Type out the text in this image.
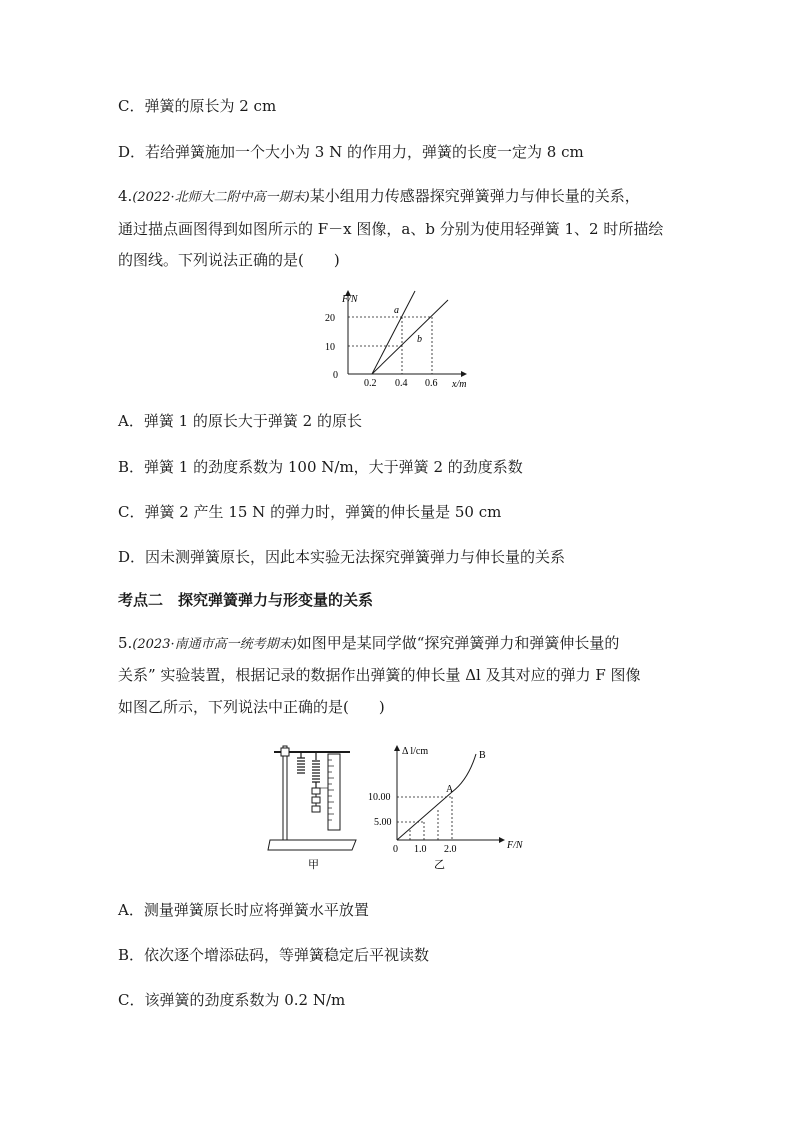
C．弹簧的原长为 2 cm
D．若给弹簧施加一个大小为 3 N 的作用力，弹簧的长度一定为 8 cm
4.(2022·北师大二附中高一期末)某小组用力传感器探究弹簧弹力与伸长量的关系，
通过描点画图得到如图所示的 F－x 图像，a、b 分别为使用轻弹簧 1、2 时所描绘
的图线。下列说法正确的是(　　)
F/N
x/m
20
10
0
0.2 0.4 0.6
a
b
A．弹簧 1 的原长大于弹簧 2 的原长
B．弹簧 1 的劲度系数为 100 N/m，大于弹簧 2 的劲度系数
C．弹簧 2 产生 15 N 的弹力时，弹簧的伸长量是 50 cm
D．因未测弹簧原长，因此本实验无法探究弹簧弹力与伸长量的关系
考点二　探究弹簧弹力与形变量的关系
5.(2023·南通市高一统考期末)如图甲是某同学做“探究弹簧弹力和弹簧伸长量的
关系” 实验装置，根据记录的数据作出弹簧的伸长量 Δl 及其对应的弹力 F 图像
如图乙所示，下列说法中正确的是(　　)
甲
Δ l/cm
F/N
10.00
5.00
0 1.0 2.0
A
B
乙
A．测量弹簧原长时应将弹簧水平放置
B．依次逐个增添砝码，等弹簧稳定后平视读数
C．该弹簧的劲度系数为 0.2 N/m
